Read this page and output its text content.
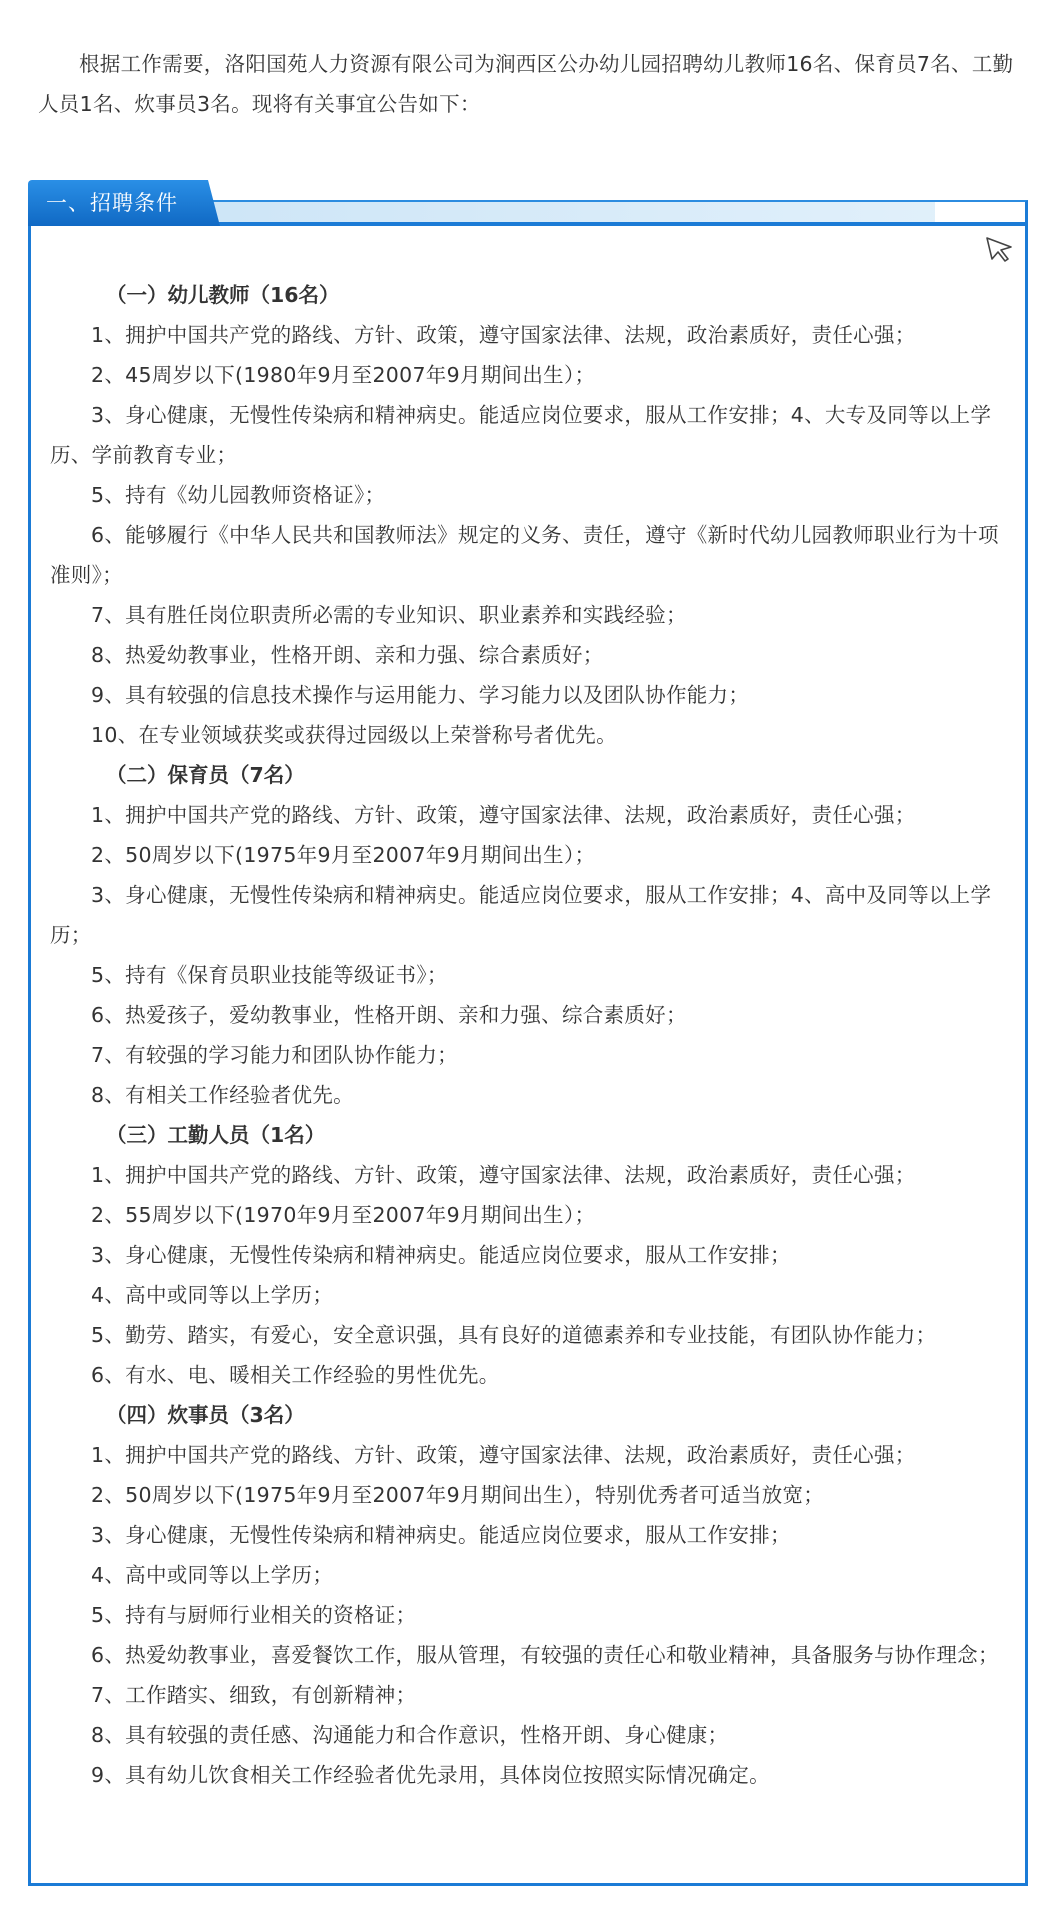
根据工作需要，洛阳国苑人力资源有限公司为涧西区公办幼儿园招聘幼儿教师16名、保育员7名、工勤人员1名、炊事员3名。现将有关事宜公告如下：

一、招聘条件
（一）幼儿教师（16名）
1、拥护中国共产党的路线、方针、政策，遵守国家法律、法规，政治素质好，责任心强；
2、45周岁以下(1980年9月至2007年9月期间出生）；
3、身心健康，无慢性传染病和精神病史。能适应岗位要求，服从工作安排；4、大专及同等以上学历、学前教育专业；
5、持有《幼儿园教师资格证》；
6、能够履行《中华人民共和国教师法》规定的义务、责任，遵守《新时代幼儿园教师职业行为十项准则》；
7、具有胜任岗位职责所必需的专业知识、职业素养和实践经验；
8、热爱幼教事业，性格开朗、亲和力强、综合素质好；
9、具有较强的信息技术操作与运用能力、学习能力以及团队协作能力；
10、在专业领域获奖或获得过园级以上荣誉称号者优先。
（二）保育员（7名）
1、拥护中国共产党的路线、方针、政策，遵守国家法律、法规，政治素质好，责任心强；
2、50周岁以下(1975年9月至2007年9月期间出生）；
3、身心健康，无慢性传染病和精神病史。能适应岗位要求，服从工作安排；4、高中及同等以上学历；
5、持有《保育员职业技能等级证书》；
6、热爱孩子，爱幼教事业，性格开朗、亲和力强、综合素质好；
7、有较强的学习能力和团队协作能力；
8、有相关工作经验者优先。
（三）工勤人员（1名）
1、拥护中国共产党的路线、方针、政策，遵守国家法律、法规，政治素质好，责任心强；
2、55周岁以下(1970年9月至2007年9月期间出生）；
3、身心健康，无慢性传染病和精神病史。能适应岗位要求，服从工作安排；
4、高中或同等以上学历；
5、勤劳、踏实，有爱心，安全意识强，具有良好的道德素养和专业技能，有团队协作能力；
6、有水、电、暖相关工作经验的男性优先。
（四）炊事员（3名）
1、拥护中国共产党的路线、方针、政策，遵守国家法律、法规，政治素质好，责任心强；
2、50周岁以下(1975年9月至2007年9月期间出生），特别优秀者可适当放宽；
3、身心健康，无慢性传染病和精神病史。能适应岗位要求，服从工作安排；
4、高中或同等以上学历；
5、持有与厨师行业相关的资格证；
6、热爱幼教事业，喜爱餐饮工作，服从管理，有较强的责任心和敬业精神，具备服务与协作理念；
7、工作踏实、细致，有创新精神；
8、具有较强的责任感、沟通能力和合作意识，性格开朗、身心健康；
9、具有幼儿饮食相关工作经验者优先录用，具体岗位按照实际情况确定。
